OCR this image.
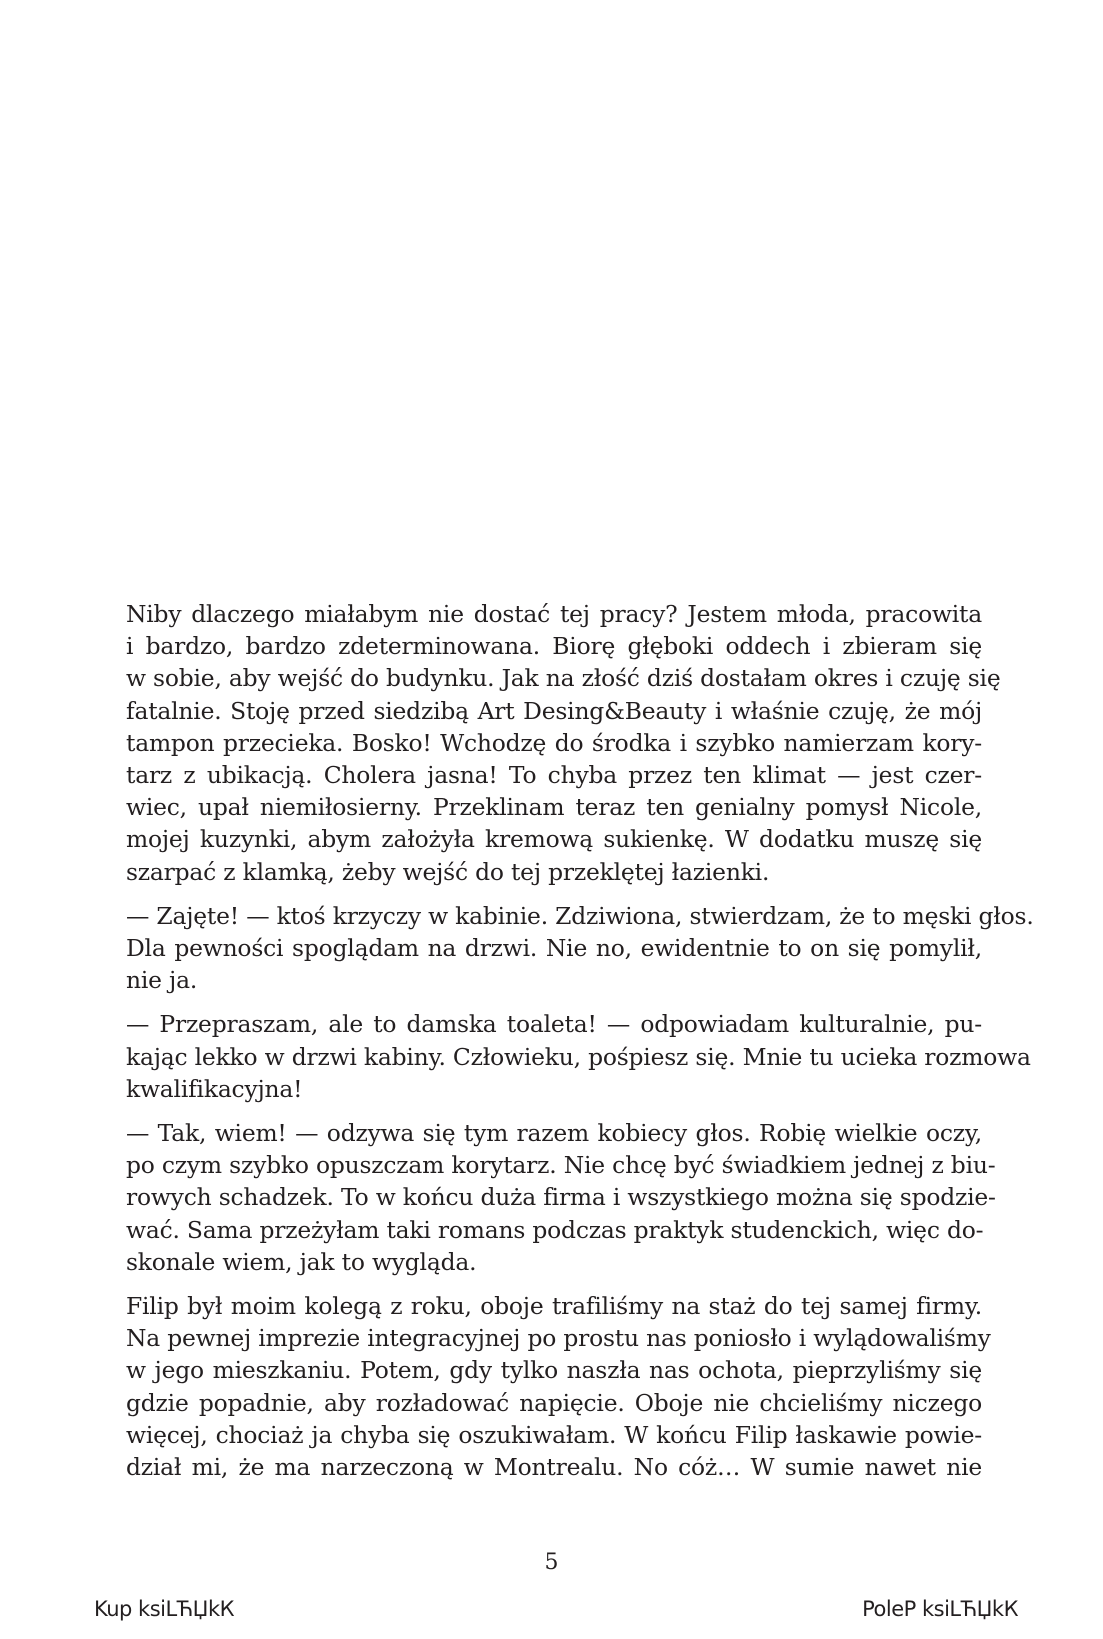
Niby dlaczego miałabym nie dostać tej pracy? Jestem młoda, pracowita
i bardzo, bardzo zdeterminowana. Biorę głęboki oddech i zbieram się
w sobie, aby wejść do budynku. Jak na złość dziś dostałam okres i czuję się
fatalnie. Stoję przed siedzibą Art Desing&Beauty i właśnie czuję, że mój
tampon przecieka. Bosko! Wchodzę do środka i szybko namierzam kory-
tarz z ubikacją. Cholera jasna! To chyba przez ten klimat — jest czer-
wiec, upał niemiłosierny. Przeklinam teraz ten genialny pomysł Nicole,
mojej kuzynki, abym założyła kremową sukienkę. W dodatku muszę się
szarpać z klamką, żeby wejść do tej przeklętej łazienki.

— Zajęte! — ktoś krzyczy w kabinie. Zdziwiona, stwierdzam, że to męski głos.
Dla pewności spoglądam na drzwi. Nie no, ewidentnie to on się pomylił,
nie ja.

— Przepraszam, ale to damska toaleta! — odpowiadam kulturalnie, pu-
kając lekko w drzwi kabiny. Człowieku, pośpiesz się. Mnie tu ucieka rozmowa
kwalifikacyjna!

— Tak, wiem! — odzywa się tym razem kobiecy głos. Robię wielkie oczy,
po czym szybko opuszczam korytarz. Nie chcę być świadkiem jednej z biu-
rowych schadzek. To w końcu duża firma i wszystkiego można się spodzie-
wać. Sama przeżyłam taki romans podczas praktyk studenckich, więc do-
skonale wiem, jak to wygląda.

Filip był moim kolegą z roku, oboje trafiliśmy na staż do tej samej firmy.
Na pewnej imprezie integracyjnej po prostu nas poniosło i wylądowaliśmy
w jego mieszkaniu. Potem, gdy tylko naszła nas ochota, pieprzyliśmy się
gdzie popadnie, aby rozładować napięcie. Oboje nie chcieliśmy niczego
więcej, chociaż ja chyba się oszukiwałam. W końcu Filip łaskawie powie-
dział mi, że ma narzeczoną w Montrealu. No cóż… W sumie nawet nie

5
Kup ksiLЋЏkК	PoleР ksiLЋЏkК
